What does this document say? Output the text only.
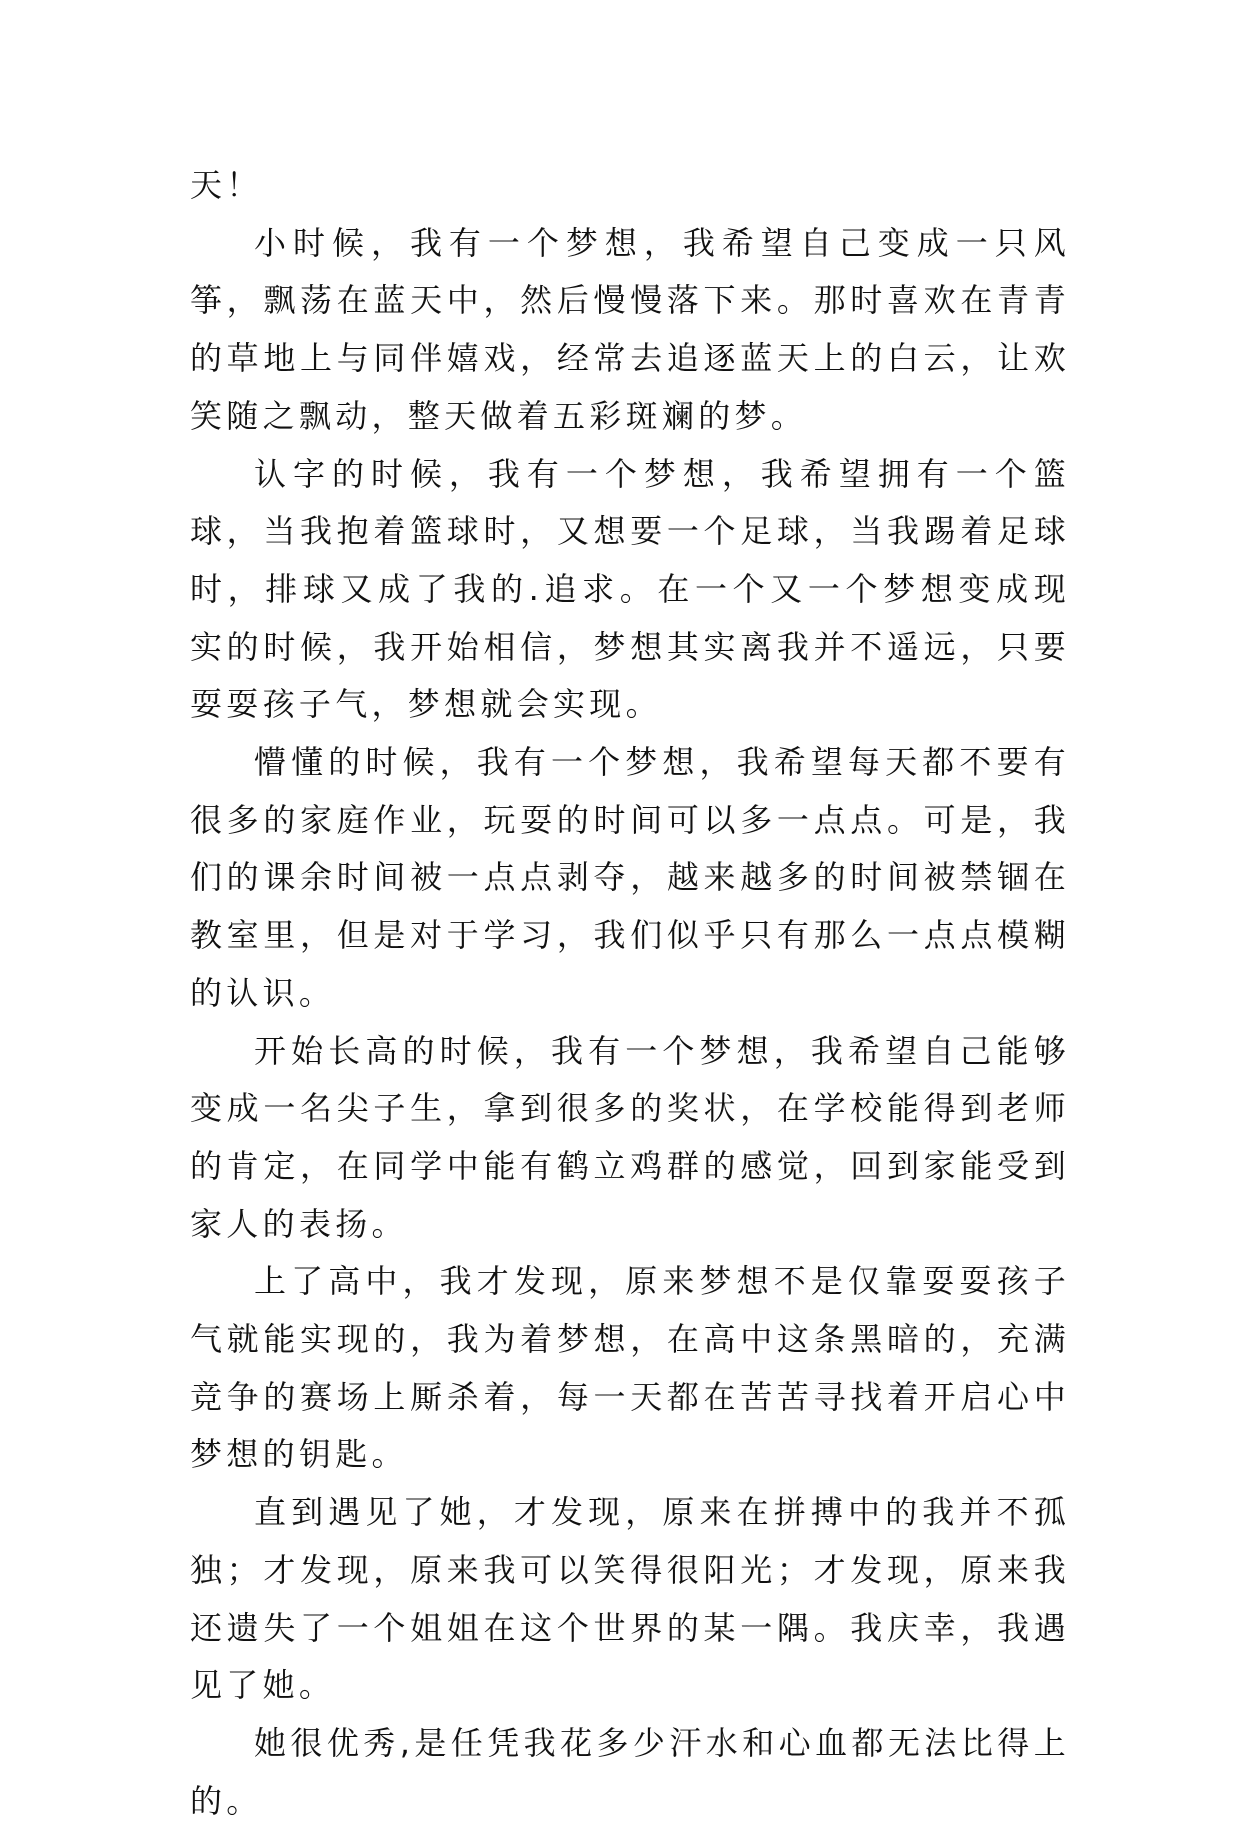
天！

小时候，我有一个梦想，我希望自己变成一只风筝，飘荡在蓝天中，然后慢慢落下来。那时喜欢在青青的草地上与同伴嬉戏，经常去追逐蓝天上的白云，让欢笑随之飘动，整天做着五彩斑斓的梦。

认字的时候，我有一个梦想，我希望拥有一个篮球，当我抱着篮球时，又想要一个足球，当我踢着足球时，排球又成了我的.追求。在一个又一个梦想变成现实的时候，我开始相信，梦想其实离我并不遥远，只要耍耍孩子气，梦想就会实现。

懵懂的时候，我有一个梦想，我希望每天都不要有很多的家庭作业，玩耍的时间可以多一点点。可是，我们的课余时间被一点点剥夺，越来越多的时间被禁锢在教室里，但是对于学习，我们似乎只有那么一点点模糊的认识。

开始长高的时候，我有一个梦想，我希望自己能够变成一名尖子生，拿到很多的奖状，在学校能得到老师的肯定，在同学中能有鹤立鸡群的感觉，回到家能受到家人的表扬。

上了高中，我才发现，原来梦想不是仅靠耍耍孩子气就能实现的，我为着梦想，在高中这条黑暗的，充满竞争的赛场上厮杀着，每一天都在苦苦寻找着开启心中梦想的钥匙。

直到遇见了她，才发现，原来在拼搏中的我并不孤独；才发现，原来我可以笑得很阳光；才发现，原来我还遗失了一个姐姐在这个世界的某一隅。我庆幸，我遇见了她。

她很优秀,是任凭我花多少汗水和心血都无法比得上的。
